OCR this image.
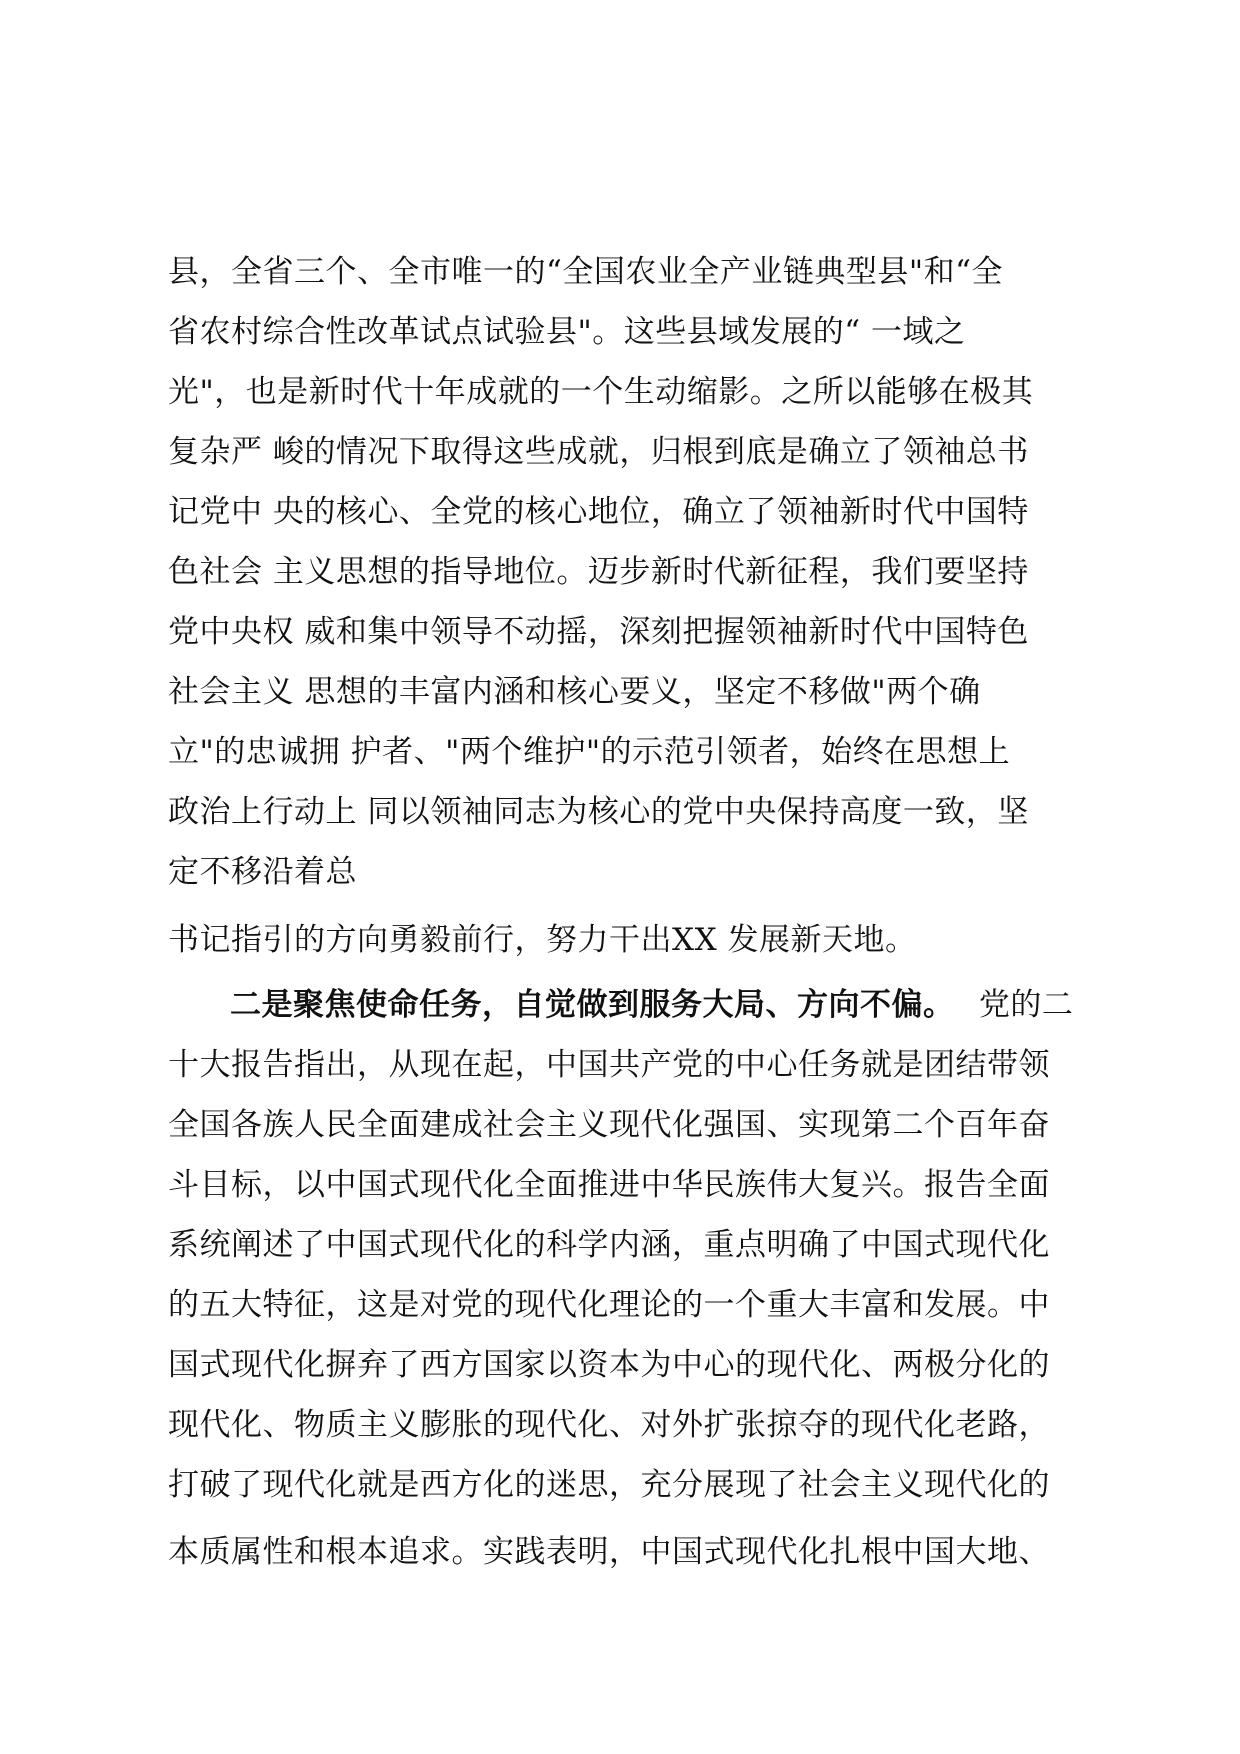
县，全省三个、全市唯一的“全国农业全产业链典型县"和“全
省农村综合性改革试点试验县"。这些县域发展的“ 一域之
光"，也是新时代十年成就的一个生动缩影。之所以能够在极其
复杂严 峻的情况下取得这些成就，归根到底是确立了领袖总书
记党中 央的核心、全党的核心地位，确立了领袖新时代中国特
色社会 主义思想的指导地位。迈步新时代新征程，我们要坚持
党中央权 威和集中领导不动摇，深刻把握领袖新时代中国特色
社会主义 思想的丰富内涵和核心要义，坚定不移做"两个确
立"的忠诚拥 护者、"两个维护"的示范引领者，始终在思想上
政治上行动上 同以领袖同志为核心的党中央保持高度一致，坚
定不移沿着总
书记指引的方向勇毅前行，努力干出XX 发展新天地。
二是聚焦使命任务，自觉做到服务大局、方向不偏。 党的二
十大报告指出，从现在起，中国共产党的中心任务就是团结带领
全国各族人民全面建成社会主义现代化强国、实现第二个百年奋
斗目标，以中国式现代化全面推进中华民族伟大复兴。报告全面
系统阐述了中国式现代化的科学内涵，重点明确了中国式现代化
的五大特征，这是对党的现代化理论的一个重大丰富和发展。中
国式现代化摒弃了西方国家以资本为中心的现代化、两极分化的
现代化、物质主义膨胀的现代化、对外扩张掠夺的现代化老路，
打破了现代化就是西方化的迷思，充分展现了社会主义现代化的
本质属性和根本追求。实践表明，中国式现代化扎根中国大地、
